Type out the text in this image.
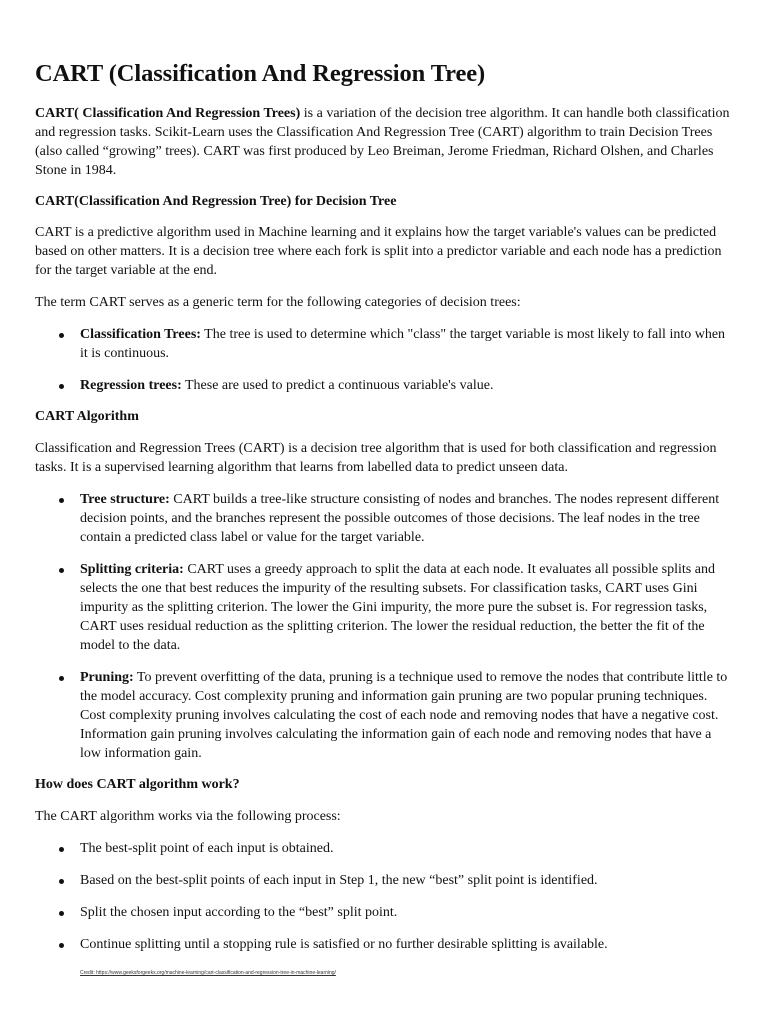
CART (Classification And Regression Tree)

CART( Classification And Regression Trees) is a variation of the decision tree algorithm. It can handle both classification and regression tasks. Scikit-Learn uses the Classification And Regression Tree (CART) algorithm to train Decision Trees (also called “growing” trees). CART was first produced by Leo Breiman, Jerome Friedman, Richard Olshen, and Charles Stone in 1984.

CART(Classification And Regression Tree) for Decision Tree

CART is a predictive algorithm used in Machine learning and it explains how the target variable's values can be predicted based on other matters. It is a decision tree where each fork is split into a predictor variable and each node has a prediction for the target variable at the end.

The term CART serves as a generic term for the following categories of decision trees:

Classification Trees: The tree is used to determine which "class" the target variable is most likely to fall into when it is continuous.
Regression trees: These are used to predict a continuous variable's value.
CART Algorithm

Classification and Regression Trees (CART) is a decision tree algorithm that is used for both classification and regression tasks. It is a supervised learning algorithm that learns from labelled data to predict unseen data.

Tree structure: CART builds a tree-like structure consisting of nodes and branches. The nodes represent different decision points, and the branches represent the possible outcomes of those decisions. The leaf nodes in the tree contain a predicted class label or value for the target variable.
Splitting criteria: CART uses a greedy approach to split the data at each node. It evaluates all possible splits and selects the one that best reduces the impurity of the resulting subsets. For classification tasks, CART uses Gini impurity as the splitting criterion. The lower the Gini impurity, the more pure the subset is. For regression tasks, CART uses residual reduction as the splitting criterion. The lower the residual reduction, the better the fit of the model to the data.
Pruning: To prevent overfitting of the data, pruning is a technique used to remove the nodes that contribute little to the model accuracy. Cost complexity pruning and information gain pruning are two popular pruning techniques. Cost complexity pruning involves calculating the cost of each node and removing nodes that have a negative cost. Information gain pruning involves calculating the information gain of each node and removing nodes that have a low information gain.
How does CART algorithm work?

The CART algorithm works via the following process:

The best-split point of each input is obtained.
Based on the best-split points of each input in Step 1, the new “best” split point is identified.
Split the chosen input according to the “best” split point.
Continue splitting until a stopping rule is satisfied or no further desirable splitting is available.

Credit: https://www.geeksforgeeks.org/machine-learning/cart-classification-and-regression-tree-in-machine-learning/
